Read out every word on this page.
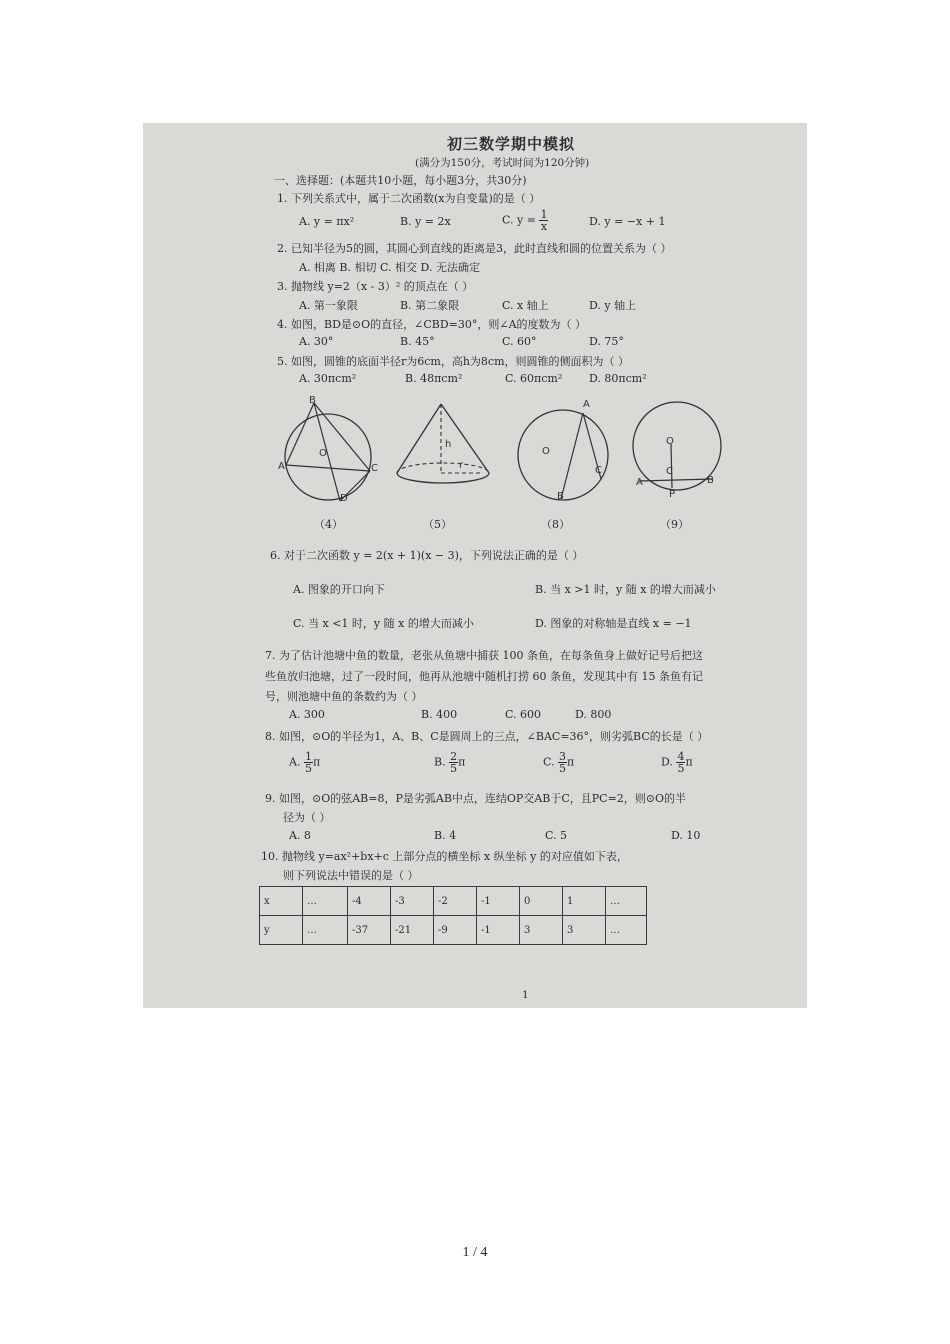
初三数学期中模拟
(满分为150分，考试时间为120分钟)
一、选择题：(本题共10小题，每小题3分，共30分)
1. 下列关系式中，属于二次函数(x为自变量)的是（ ）
A. y = πx²	B. y = 2x	C. $y = \frac{1}{x}$	D. y = −x + 1
2. 已知半径为5的圆，其圆心到直线的距离是3，此时直线和圆的位置关系为（ ）
A. 相离 B. 相切 C. 相交 D. 无法确定
3. 抛物线 y=2（x - 3）² 的顶点在（ ）
A. 第一象限	B. 第二象限	C. x 轴上	D. y 轴上
4. 如图，BD是⊙O的直径，∠CBD=30°，则∠A的度数为（ ）
A. 30°	B. 45°	C. 60°	D. 75°
5. 如图，圆锥的底面半径r为6cm，高h为8cm，则圆锥的侧面积为（ ）
A. 30πcm²	B. 48πcm²	C. 60πcm² D. 80πcm²
B
O
A	C
D
（4）
h
r
（5）
A
O
C
B
（8）
O
C
A
P
B
（9）
6. 对于二次函数 y = 2(x + 1)(x − 3)，下列说法正确的是（ ）
A. 图象的开口向下	B. 当 x >1 时，y 随 x 的增大而减小
C. 当 x <1 时，y 随 x 的增大而减小	D. 图象的对称轴是直线 x = −1
7. 为了估计池塘中鱼的数量，老张从鱼塘中捕获 100 条鱼，在每条鱼身上做好记号后把这
些鱼放归池塘，过了一段时间，他再从池塘中随机打捞 60 条鱼，发现其中有 15 条鱼有记
号，则池塘中鱼的条数约为（ ）
A. 300	B. 400	C. 600	D. 800
8. 如图，⊙O的半径为1，A、B、C是圆周上的三点，∠BAC=36°，则劣弧BC的长是（ ）
A. $\frac{1}{5}$ π	B. $\frac{2}{5}$ π	C. $\frac{3}{5}$ π	D. $\frac{4}{5}$ π
9. 如图，⊙O的弦AB=8，P是劣弧AB中点，连结OP交AB于C，且PC=2，则⊙O的半
径为（ ）
A. 8	B. 4	C. 5	D. 10
10. 抛物线 y=ax²+bx+c 上部分点的横坐标 x 纵坐标 y 的对应值如下表，
则下列说法中错误的是（ ）
x	…	-4	-3	-2	-1	0	1	…
y	…	-37	-21	-9	-1	3	3	…
1
1 / 4
